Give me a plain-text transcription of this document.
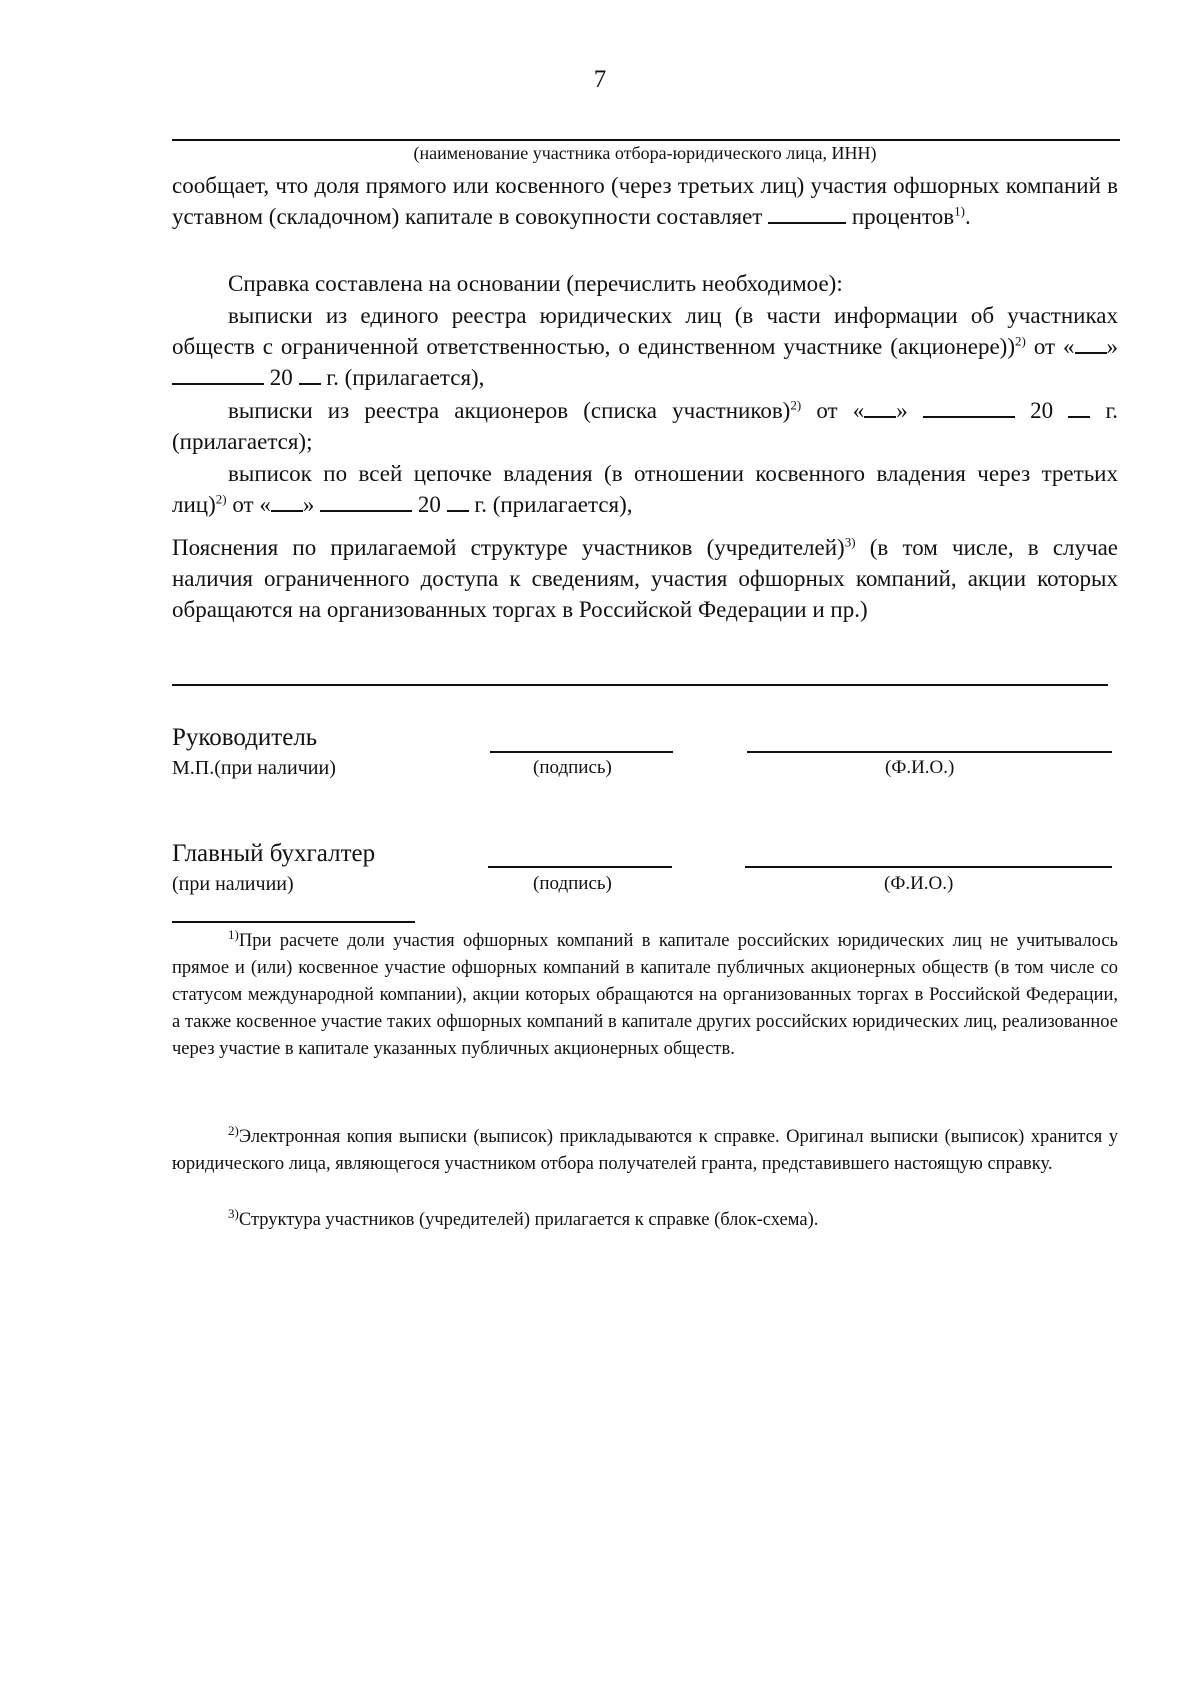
7
(наименование участника отбора-юридического лица, ИНН)
сообщает, что доля прямого или косвенного (через третьих лиц) участия офшорных компаний в уставном (складочном) капитале в совокупности составляет	процентов$^{1)}$.
Справка составлена на основании (перечислить необходимое):
выписки из единого реестра юридических лиц (в части информации об участниках обществ с ограниченной ответственностью, о единственном участнике (акционере))$^{2)}$ от « »  20 г. (прилагается),
выписки из реестра акционеров (списка участников)$^{2)}$ от « »	20 г. (прилагается);
выписок по всей цепочке владения (в отношении косвенного владения через третьих лиц)$^{2)}$ от « »	20 г. (прилагается),
Пояснения по прилагаемой структуре участников (учредителей)$^{3)}$ (в том числе, в случае наличия ограниченного доступа к сведениям, участия офшорных компаний, акции которых обращаются на организованных торгах в Российской Федерации и пр.)
Руководитель
М.П.(при наличии)	(подпись)	(Ф.И.О.)
Главный бухгалтер
(при наличии)	(подпись)	(Ф.И.О.)
$^{1)}$При расчете доли участия офшорных компаний в капитале российских юридических лиц не учитывалось прямое и (или) косвенное участие офшорных компаний в капитале публичных акционерных обществ (в том числе со статусом международной компании), акции которых обращаются на организованных торгах в Российской Федерации, а также косвенное участие таких офшорных компаний в капитале других российских юридических лиц, реализованное через участие в капитале указанных публичных акционерных обществ.
$^{2)}$Электронная копия выписки (выписок) прикладываются к справке. Оригинал выписки (выписок) хранится у юридического лица, являющегося участником отбора получателей гранта, представившего настоящую справку.
$^{3)}$Структура участников (учредителей) прилагается к справке (блок-схема).
